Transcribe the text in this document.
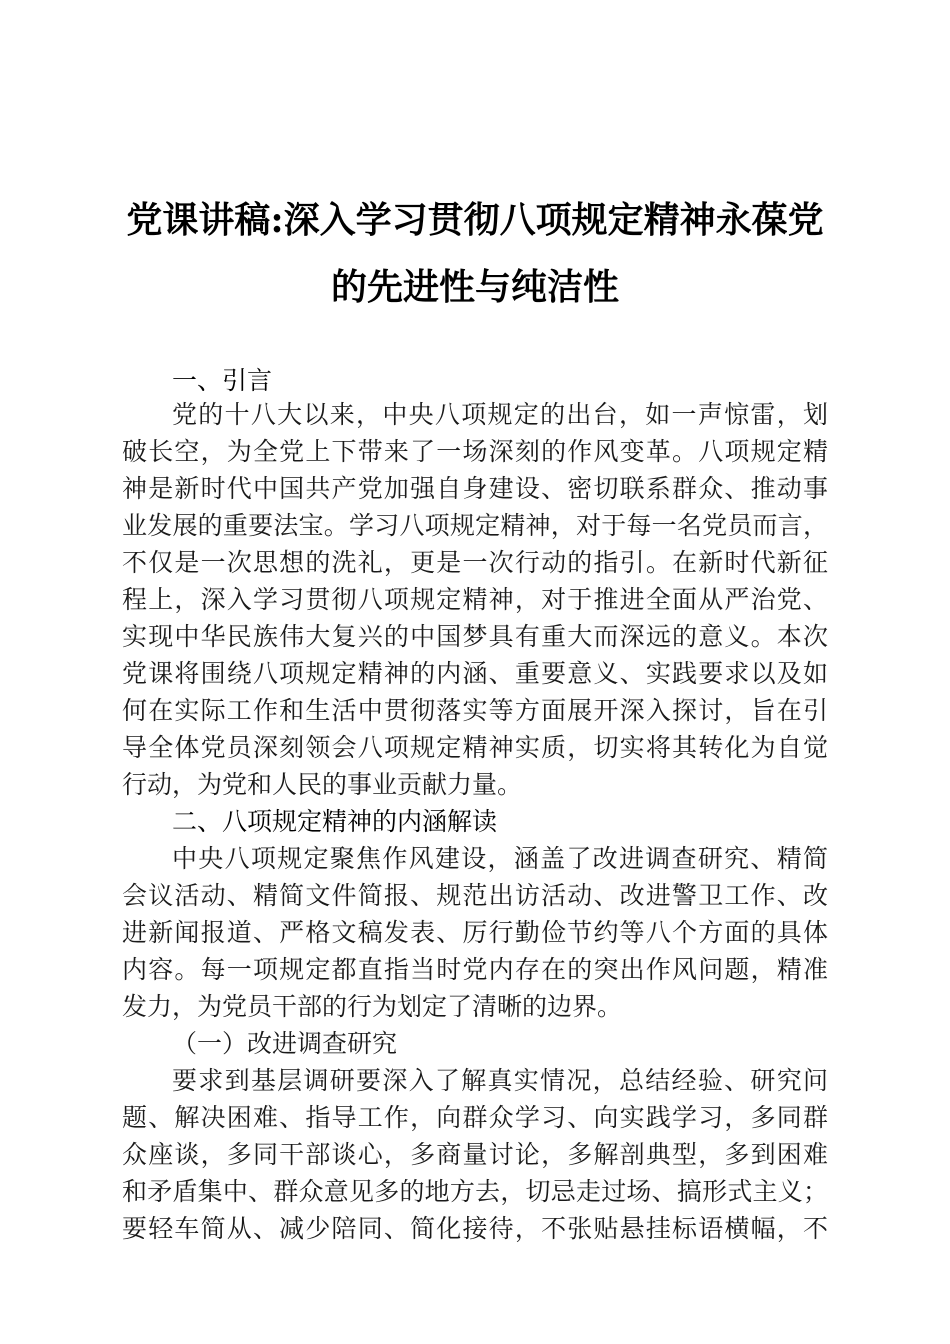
党课讲稿:深入学习贯彻八项规定精神永葆党
的先进性与纯洁性
一、引言
党的十八大以来，中央八项规定的出台，如一声惊雷，划
破长空，为全党上下带来了一场深刻的作风变革。八项规定精
神是新时代中国共产党加强自身建设、密切联系群众、推动事
业发展的重要法宝。学习八项规定精神，对于每一名党员而言，
不仅是一次思想的洗礼，更是一次行动的指引。在新时代新征
程上，深入学习贯彻八项规定精神，对于推进全面从严治党、
实现中华民族伟大复兴的中国梦具有重大而深远的意义。本次
党课将围绕八项规定精神的内涵、重要意义、实践要求以及如
何在实际工作和生活中贯彻落实等方面展开深入探讨，旨在引
导全体党员深刻领会八项规定精神实质，切实将其转化为自觉
行动，为党和人民的事业贡献力量。
二、八项规定精神的内涵解读
中央八项规定聚焦作风建设，涵盖了改进调查研究、精简
会议活动、精简文件简报、规范出访活动、改进警卫工作、改
进新闻报道、严格文稿发表、厉行勤俭节约等八个方面的具体
内容。每一项规定都直指当时党内存在的突出作风问题，精准
发力，为党员干部的行为划定了清晰的边界。
（一）改进调查研究
要求到基层调研要深入了解真实情况，总结经验、研究问
题、解决困难、指导工作，向群众学习、向实践学习，多同群
众座谈，多同干部谈心，多商量讨论，多解剖典型，多到困难
和矛盾集中、群众意见多的地方去，切忌走过场、搞形式主义；
要轻车简从、减少陪同、简化接待，不张贴悬挂标语横幅，不
